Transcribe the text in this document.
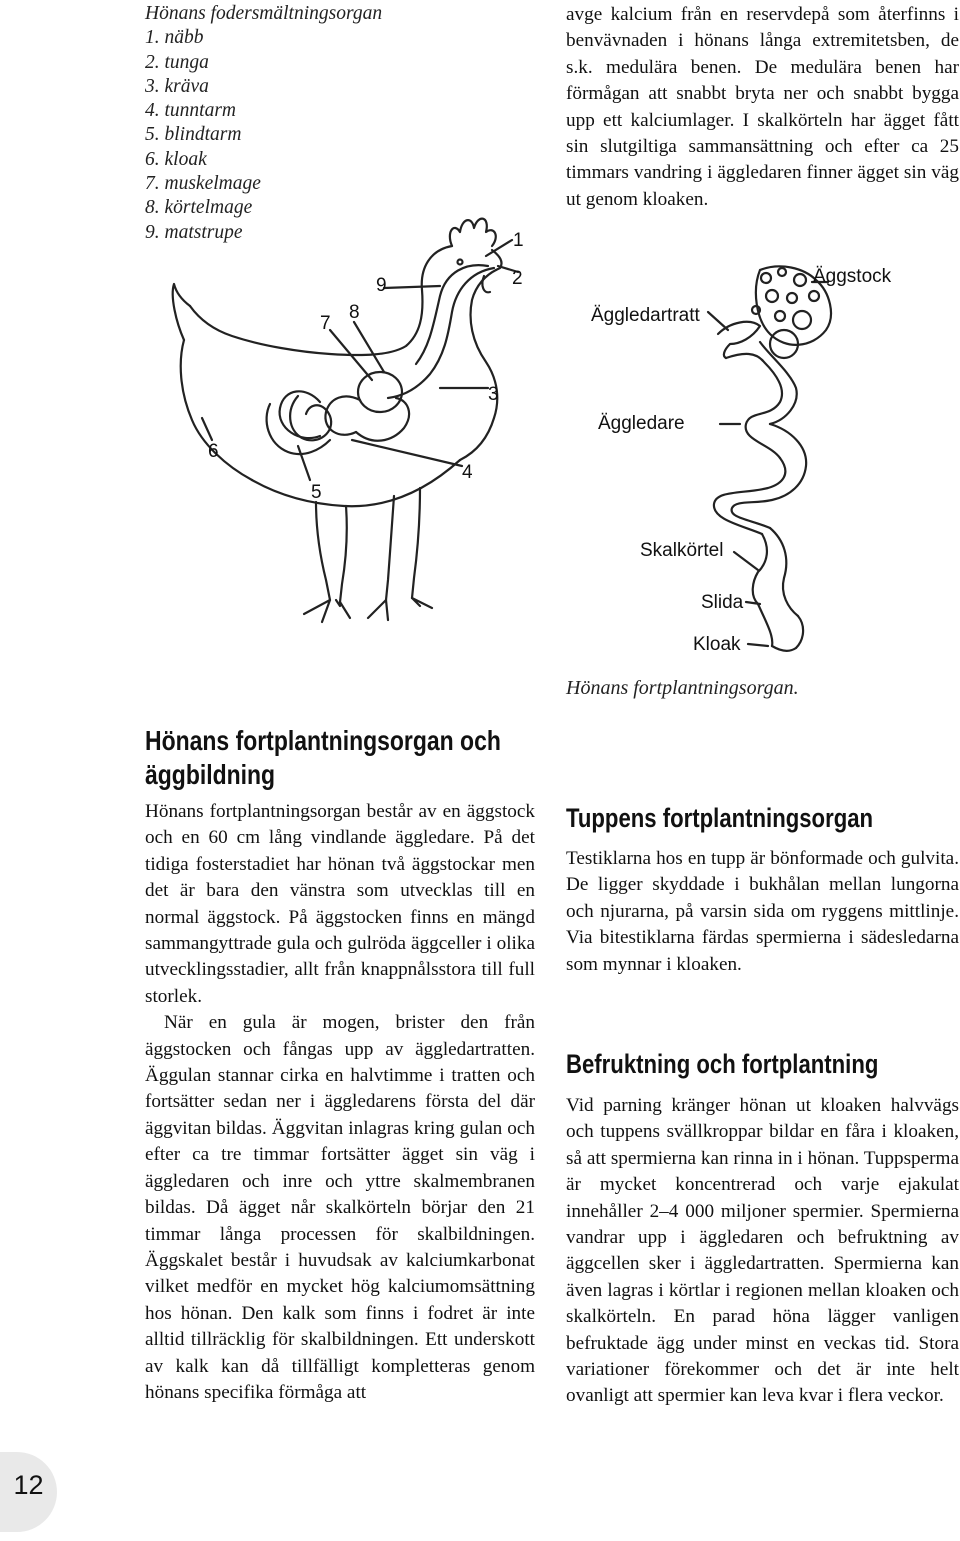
Hönans fodersmältningsorgan
1. näbb
2. tunga
3. kräva
4. tunntarm
5. blindtarm
6. kloak
7. muskelmage
8. körtelmage
9. matstrupe	1
2
3
4
5
6
7
8
9	Äggstock
Äggledartratt
Äggledare
Skalkörtel
Slida
Kloak
Hönans fortplantningsorgan.
avge kalcium från en reservdepå som återfinns i benvävnaden i hönans långa extremitetsben, de s.k. medulära benen. De medulära benen har förmågan att snabbt bryta ner och snabbt bygga upp ett kalciumlager. I skalkörteln har ägget fått sin slutgiltiga sammansättning och efter ca 25 timmars vandring i äggledaren finner ägget sin väg ut genom kloaken.
Hönans fortplantningsorgan och
äggbildning

Hönans fortplantningsorgan består av en äggstock och en 60 cm lång vindlande äggledare. På det tidiga fosterstadiet har hönan två äggstockar men det är bara den vänstra som utvecklas till en normal äggstock. På äggstocken finns en mängd sammangyttrade gula och gulröda äggceller i olika utvecklingsstadier, allt från knappnålsstora till full storlek.

När en gula är mogen, brister den från äggstocken och fångas upp av äggledartratten. Äggulan stannar cirka en halvtimme i tratten och fortsätter sedan ner i äggledarens första del där äggvitan bildas. Äggvitan inlagras kring gulan och efter ca tre timmar fortsätter ägget sin väg i äggledaren och inre och yttre skalmembranen bildas. Då ägget når skalkörteln börjar den 21 timmar långa processen för skalbildningen. Äggskalet består i huvudsak av kalciumkarbonat vilket medför en mycket hög kalciumomsättning hos hönan. Den kalk som finns i fodret är inte alltid tillräcklig för skalbildningen. Ett underskott av kalk kan då tillfälligt kompletteras genom hönans specifika förmåga att

Tuppens fortplantningsorgan
Testiklarna hos en tupp är bönformade och gulvita. De ligger skyddade i bukhålan mellan lungorna och njurarna, på varsin sida om ryggens mittlinje. Via bitestiklarna färdas spermierna i sädesledarna som mynnar i kloaken.
Befruktning och fortplantning
Vid parning kränger hönan ut kloaken halvvägs och tuppens svällkroppar bildar en fåra i kloaken, så att spermierna kan rinna in i hönan. Tuppsperma är mycket koncentrerad och varje ejakulat innehåller 2–4 000 miljoner spermier. Spermierna vandrar upp i äggledaren och befruktning av äggcellen sker i äggledartratten. Spermierna kan även lagras i körtlar i regionen mellan kloaken och skalkörteln. En parad höna lägger vanligen befruktade ägg under minst en veckas tid. Stora variationer förekommer och det är inte helt ovanligt att spermier kan leva kvar i flera veckor.
12
